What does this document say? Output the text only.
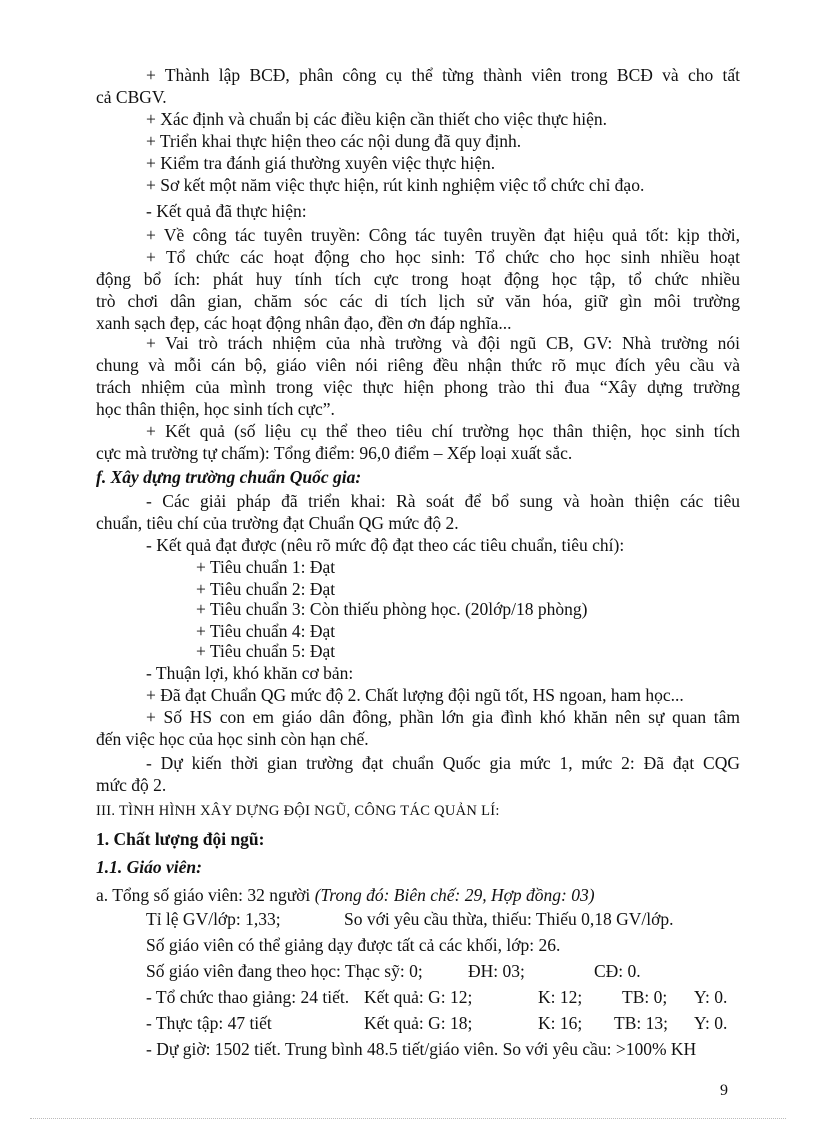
+ Thành lập BCĐ, phân công cụ thể từng thành viên trong BCĐ và cho tất
cả CBGV.
+ Xác định và chuẩn bị các điều kiện cần thiết cho việc thực hiện.
+ Triển khai thực hiện theo các nội dung đã quy định.
+ Kiểm tra đánh giá thường xuyên việc thực hiện.
+ Sơ kết một năm việc thực hiện, rút kinh nghiệm việc tổ chức chỉ đạo.
- Kết quả đã thực hiện:
+ Về công tác tuyên truyền: Công tác tuyên truyền đạt hiệu quả tốt: kịp thời,
+ Tổ chức các hoạt động cho học sinh: Tổ chức cho học sinh nhiều hoạt
động bổ ích: phát huy tính tích cực trong hoạt động học tập, tổ chức nhiều
trò chơi dân gian, chăm sóc các di tích lịch sử văn hóa, giữ gìn môi trường
xanh sạch đẹp, các hoạt động nhân đạo, đền ơn đáp nghĩa...
+ Vai trò trách nhiệm của nhà trường và đội ngũ CB, GV: Nhà trường nói
chung và mỗi cán bộ, giáo viên nói riêng đều nhận thức rõ mục đích yêu cầu và
trách nhiệm của mình trong việc thực hiện phong trào thi đua “Xây dựng trường
học thân thiện, học sinh tích cực”.
+ Kết quả (số liệu cụ thể theo tiêu chí trường học thân thiện, học sinh tích
cực mà trường tự chấm): Tổng điểm: 96,0 điểm – Xếp loại xuất sắc.
f. Xây dựng trường chuẩn Quốc gia:
- Các giải pháp đã triển khai: Rà soát để bổ sung và hoàn thiện các tiêu
chuẩn, tiêu chí của trường đạt Chuẩn QG mức độ 2.
- Kết quả đạt được (nêu rõ mức độ đạt theo các tiêu chuẩn, tiêu chí):
+ Tiêu chuẩn 1: Đạt
+ Tiêu chuẩn 2: Đạt
+ Tiêu chuẩn 3: Còn thiếu phòng học. (20lớp/18 phòng)
+ Tiêu chuẩn 4: Đạt
+ Tiêu chuẩn 5: Đạt
- Thuận lợi, khó khăn cơ bản:
+ Đã đạt Chuẩn QG mức độ 2. Chất lượng đội ngũ tốt, HS ngoan, ham học...
+ Số HS con em giáo dân đông, phần lớn gia đình khó khăn nên sự quan tâm
đến việc học của học sinh còn hạn chế.
- Dự kiến thời gian trường đạt chuẩn Quốc gia mức 1, mức 2: Đã đạt CQG
mức độ 2.
III. TÌNH HÌNH XÂY DỰNG ĐỘI NGŨ, CÔNG TÁC QUẢN LÍ:
1. Chất lượng đội ngũ:
1.1. Giáo viên:
a. Tổng số giáo viên: 32 người (Trong đó: Biên chế: 29, Hợp đồng: 03)
Tỉ lệ GV/lớp: 1,33;	So với yêu cầu thừa, thiếu: Thiếu 0,18 GV/lớp.
Số giáo viên có thể giảng dạy được tất cả các khối, lớp: 26.
Số giáo viên đang theo học: Thạc sỹ: 0;	ĐH: 03;	CĐ: 0.
- Tổ chức thao giảng: 24 tiết. Kết quả: G: 12;	K: 12; TB: 0; Y: 0.
- Thực tập: 47 tiết	Kết quả: G: 18;	K: 16; TB: 13; Y: 0.
- Dự giờ: 1502 tiết. Trung bình 48.5 tiết/giáo viên. So với yêu cầu: >100% KH
9
